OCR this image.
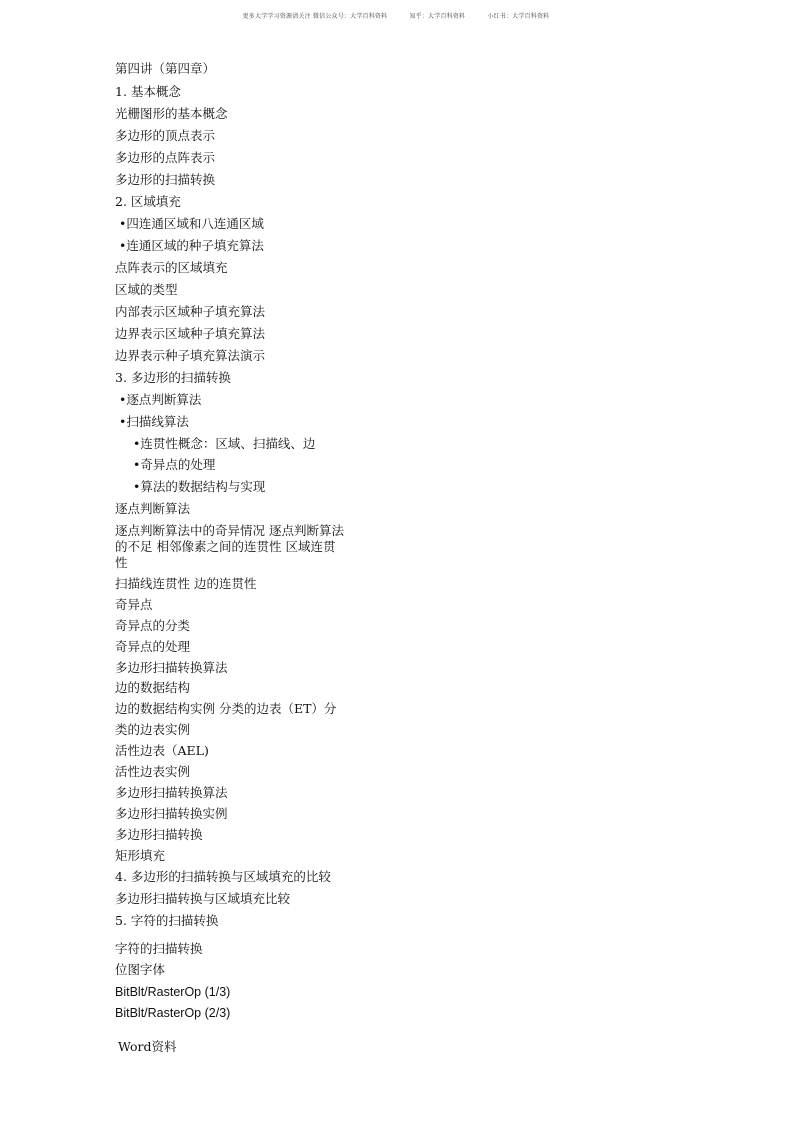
更多大学学习资源请关注 微信公众号：大学百科资料	知乎：大学百科资料	小红书：大学百科资料
第四讲（第四章）
1. 基本概念
光栅图形的基本概念
多边形的顶点表示
多边形的点阵表示
多边形的扫描转换
2. 区域填充
•四连通区域和八连通区域
•连通区域的种子填充算法
点阵表示的区域填充
区域的类型
内部表示区域种子填充算法
边界表示区域种子填充算法
边界表示种子填充算法演示
3. 多边形的扫描转换
•逐点判断算法
•扫描线算法
•连贯性概念：区域、扫描线、边
•奇异点的处理
•算法的数据结构与实现
逐点判断算法
逐点判断算法中的奇异情况 逐点判断算法的不足 相邻像素之间的连贯性 区域连贯性
扫描线连贯性 边的连贯性
奇异点
奇异点的分类
奇异点的处理
多边形扫描转换算法
边的数据结构
边的数据结构实例 分类的边表（ET）分
类的边表实例
活性边表（AEL)
活性边表实例
多边形扫描转换算法
多边形扫描转换实例
多边形扫描转换
矩形填充
4. 多边形的扫描转换与区域填充的比较
多边形扫描转换与区域填充比较
5. 字符的扫描转换
字符的扫描转换
位图字体
BitBlt/RasterOp (1/3)
BitBlt/RasterOp (2/3)
Word资料
